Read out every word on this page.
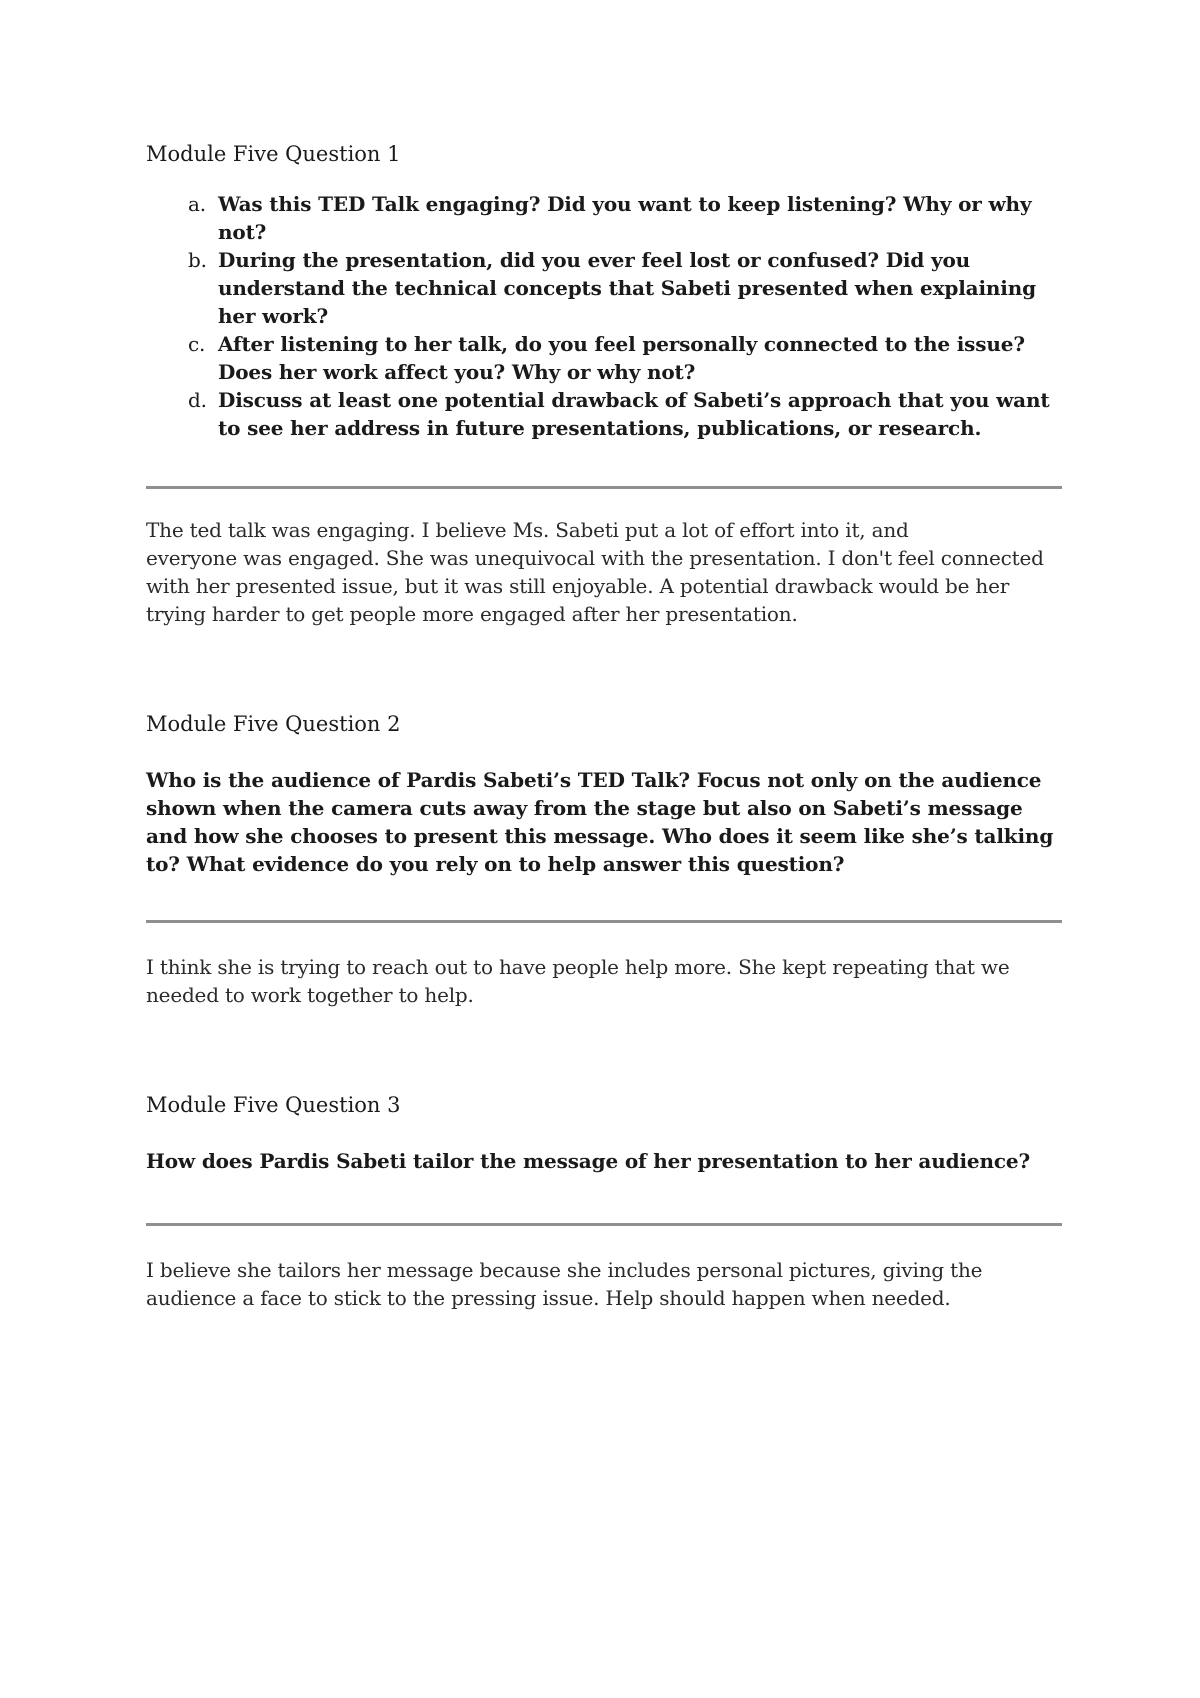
Module Five Question 1
a. Was this TED Talk engaging? Did you want to keep listening? Why or why not?
b. During the presentation, did you ever feel lost or confused? Did you understand the technical concepts that Sabeti presented when explaining her work?
c. After listening to her talk, do you feel personally connected to the issue? Does her work affect you? Why or why not?
d. Discuss at least one potential drawback of Sabeti’s approach that you want to see her address in future presentations, publications, or research.
The ted talk was engaging. I believe Ms. Sabeti put a lot of effort into it, and
everyone was engaged. She was unequivocal with the presentation. I don't feel connected with her presented issue, but it was still enjoyable. A potential drawback would be her trying harder to get people more engaged after her presentation.
Module Five Question 2

Who is the audience of Pardis Sabeti’s TED Talk? Focus not only on the audience shown when the camera cuts away from the stage but also on Sabeti’s message and how she chooses to present this message. Who does it seem like she’s talking to? What evidence do you rely on to help answer this question?

I think she is trying to reach out to have people help more. She kept repeating that we needed to work together to help.

Module Five Question 3

How does Pardis Sabeti tailor the message of her presentation to her audience?

I believe she tailors her message because she includes personal pictures, giving the audience a face to stick to the pressing issue. Help should happen when needed.
